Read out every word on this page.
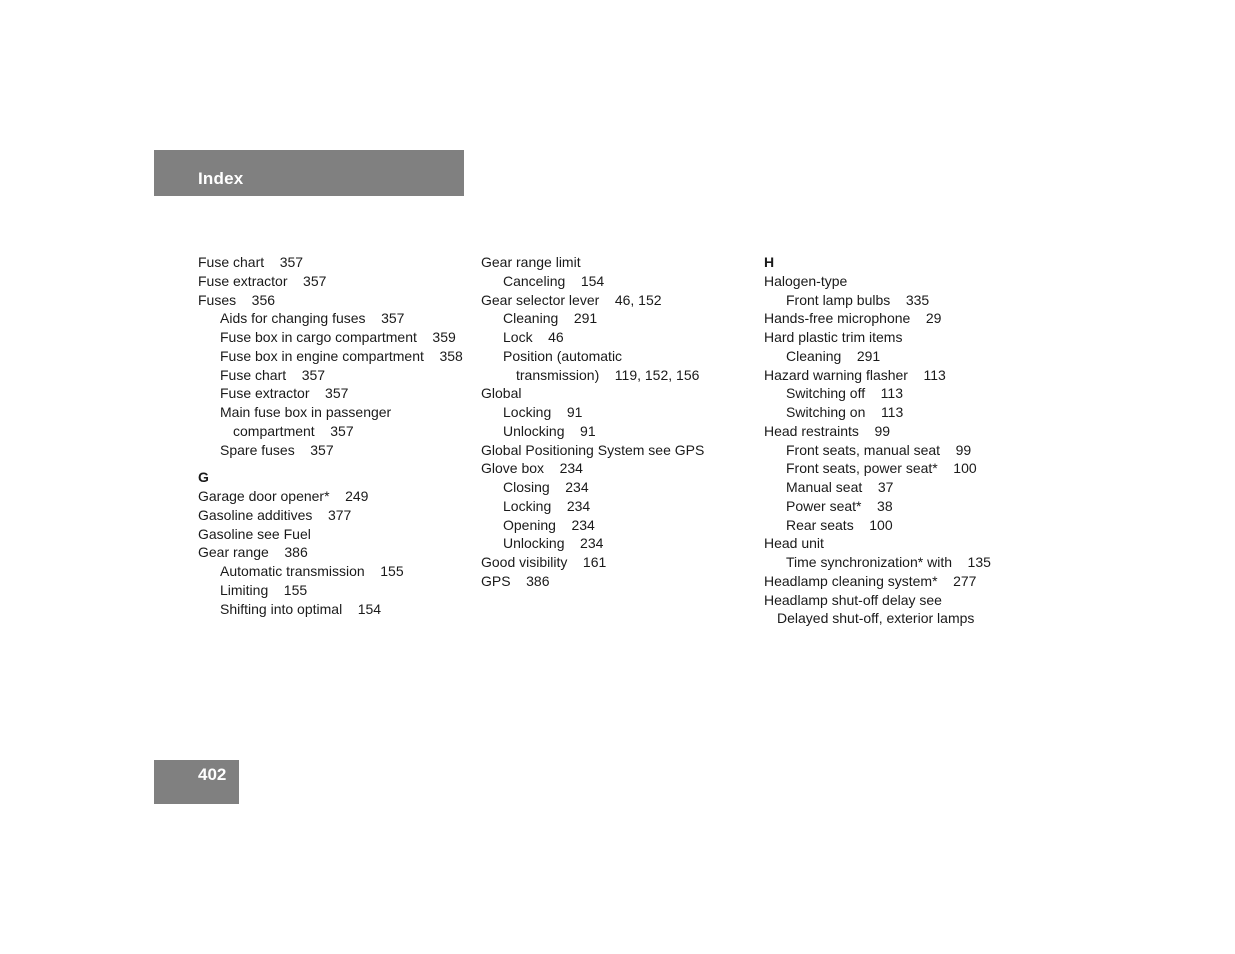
Index
Fuse chart    357
Fuse extractor    357
Fuses    356
Aids for changing fuses    357
Fuse box in cargo compartment    359
Fuse box in engine compartment    358
Fuse chart    357
Fuse extractor    357
Main fuse box in passenger
compartment    357
Spare fuses    357
G
Garage door opener*    249
Gasoline additives    377
Gasoline see Fuel
Gear range    386
Automatic transmission    155
Limiting    155
Shifting into optimal    154
Gear range limit
Canceling    154
Gear selector lever    46, 152
Cleaning    291
Lock    46
Position (automatic
transmission)    119, 152, 156
Global
Locking    91
Unlocking    91
Global Positioning System see GPS
Glove box    234
Closing    234
Locking    234
Opening    234
Unlocking    234
Good visibility    161
GPS    386
H
Halogen-type
Front lamp bulbs    335
Hands-free microphone    29
Hard plastic trim items
Cleaning    291
Hazard warning flasher    113
Switching off    113
Switching on    113
Head restraints    99
Front seats, manual seat    99
Front seats, power seat*    100
Manual seat    37
Power seat*    38
Rear seats    100
Head unit
Time synchronization* with    135
Headlamp cleaning system*    277
Headlamp shut-off delay see
Delayed shut-off, exterior lamps
402
